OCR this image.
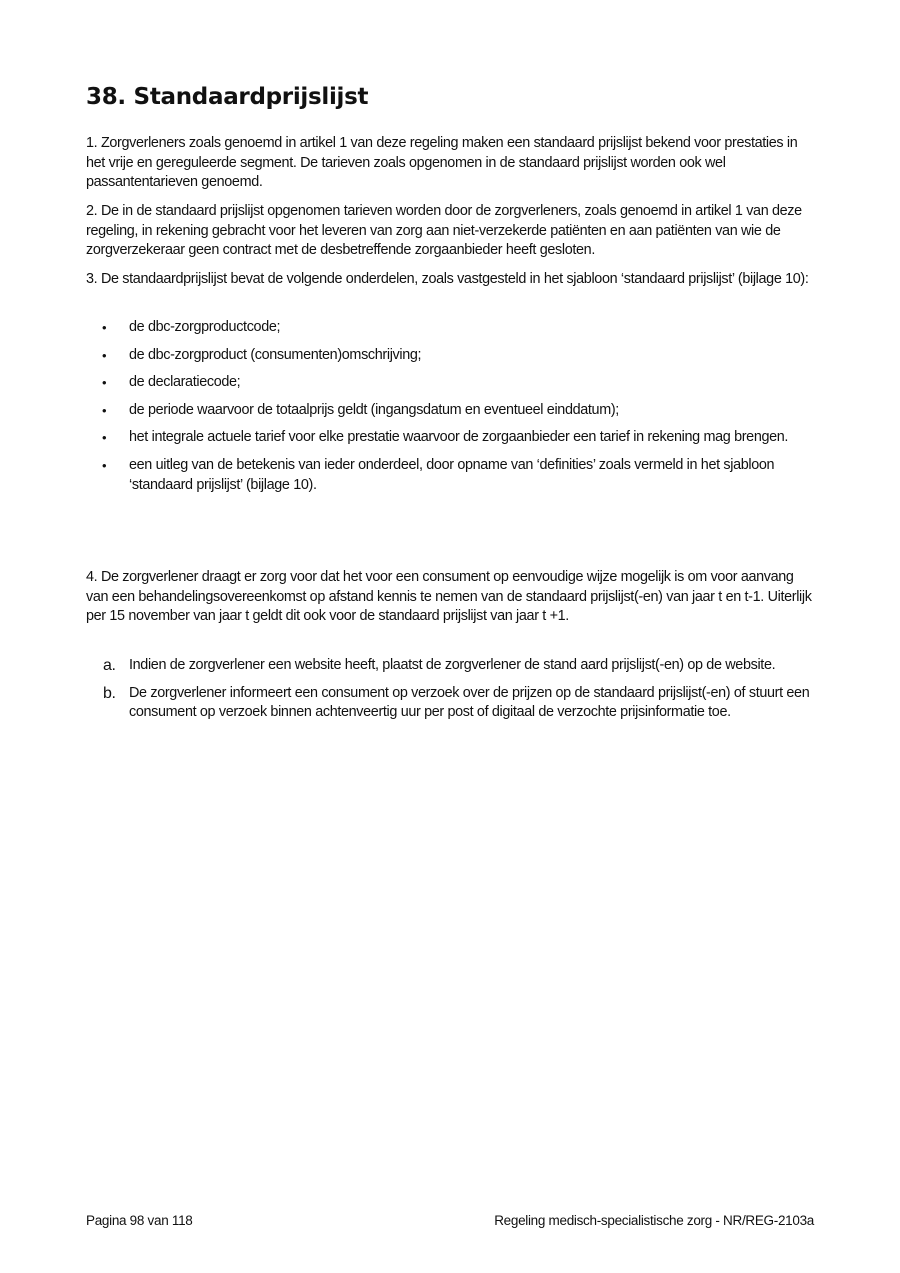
38. Standaardprijslijst

1. Zorgverleners zoals genoemd in artikel 1 van deze regeling maken een standaard prijslijst bekend voor prestaties in het vrije en gereguleerde segment. De tarieven zoals opgenomen in de standaard prijslijst worden ook wel passantentarieven genoemd.

2. De in de standaard prijslijst opgenomen tarieven worden door de zorgverleners, zoals genoemd in artikel 1 van deze regeling, in rekening gebracht voor het leveren van zorg aan niet-verzekerde patiënten en aan patiënten van wie de zorgverzekeraar geen contract met de desbetreffende zorgaanbieder heeft gesloten.

3. De standaardprijslijst bevat de volgende onderdelen, zoals vastgesteld in het sjabloon ‘standaard prijslijst’ (bijlage 10):

• de dbc-zorgproductcode;
• de dbc-zorgproduct (consumenten)omschrijving;
• de declaratiecode;
• de periode waarvoor de totaalprijs geldt (ingangsdatum en eventueel einddatum);
• het integrale actuele tarief voor elke prestatie waarvoor de zorgaanbieder een tarief in rekening mag brengen.
• een uitleg van de betekenis van ieder onderdeel, door opname van ‘definities’ zoals vermeld in het sjabloon ‘standaard prijslijst’ (bijlage 10).

4. De zorgverlener draagt er zorg voor dat het voor een consument op eenvoudige wijze mogelijk is om voor aanvang van een behandelingsovereenkomst op afstand kennis te nemen van de standaard prijslijst(-en) van jaar t en t-1. Uiterlijk per 15 november van jaar t geldt dit ook voor de standaard prijslijst van jaar t +1.

a. Indien de zorgverlener een website heeft, plaatst de zorgverlener de stand aard prijslijst(-en) op de website.
b. De zorgverlener informeert een consument op verzoek over de prijzen op de standaard prijslijst(-en) of stuurt een consument op verzoek binnen achtenveertig uur per post of digitaal de verzochte prijsinformatie toe.
Pagina 98 van 118	Regeling medisch-specialistische zorg - NR/REG-2103a
